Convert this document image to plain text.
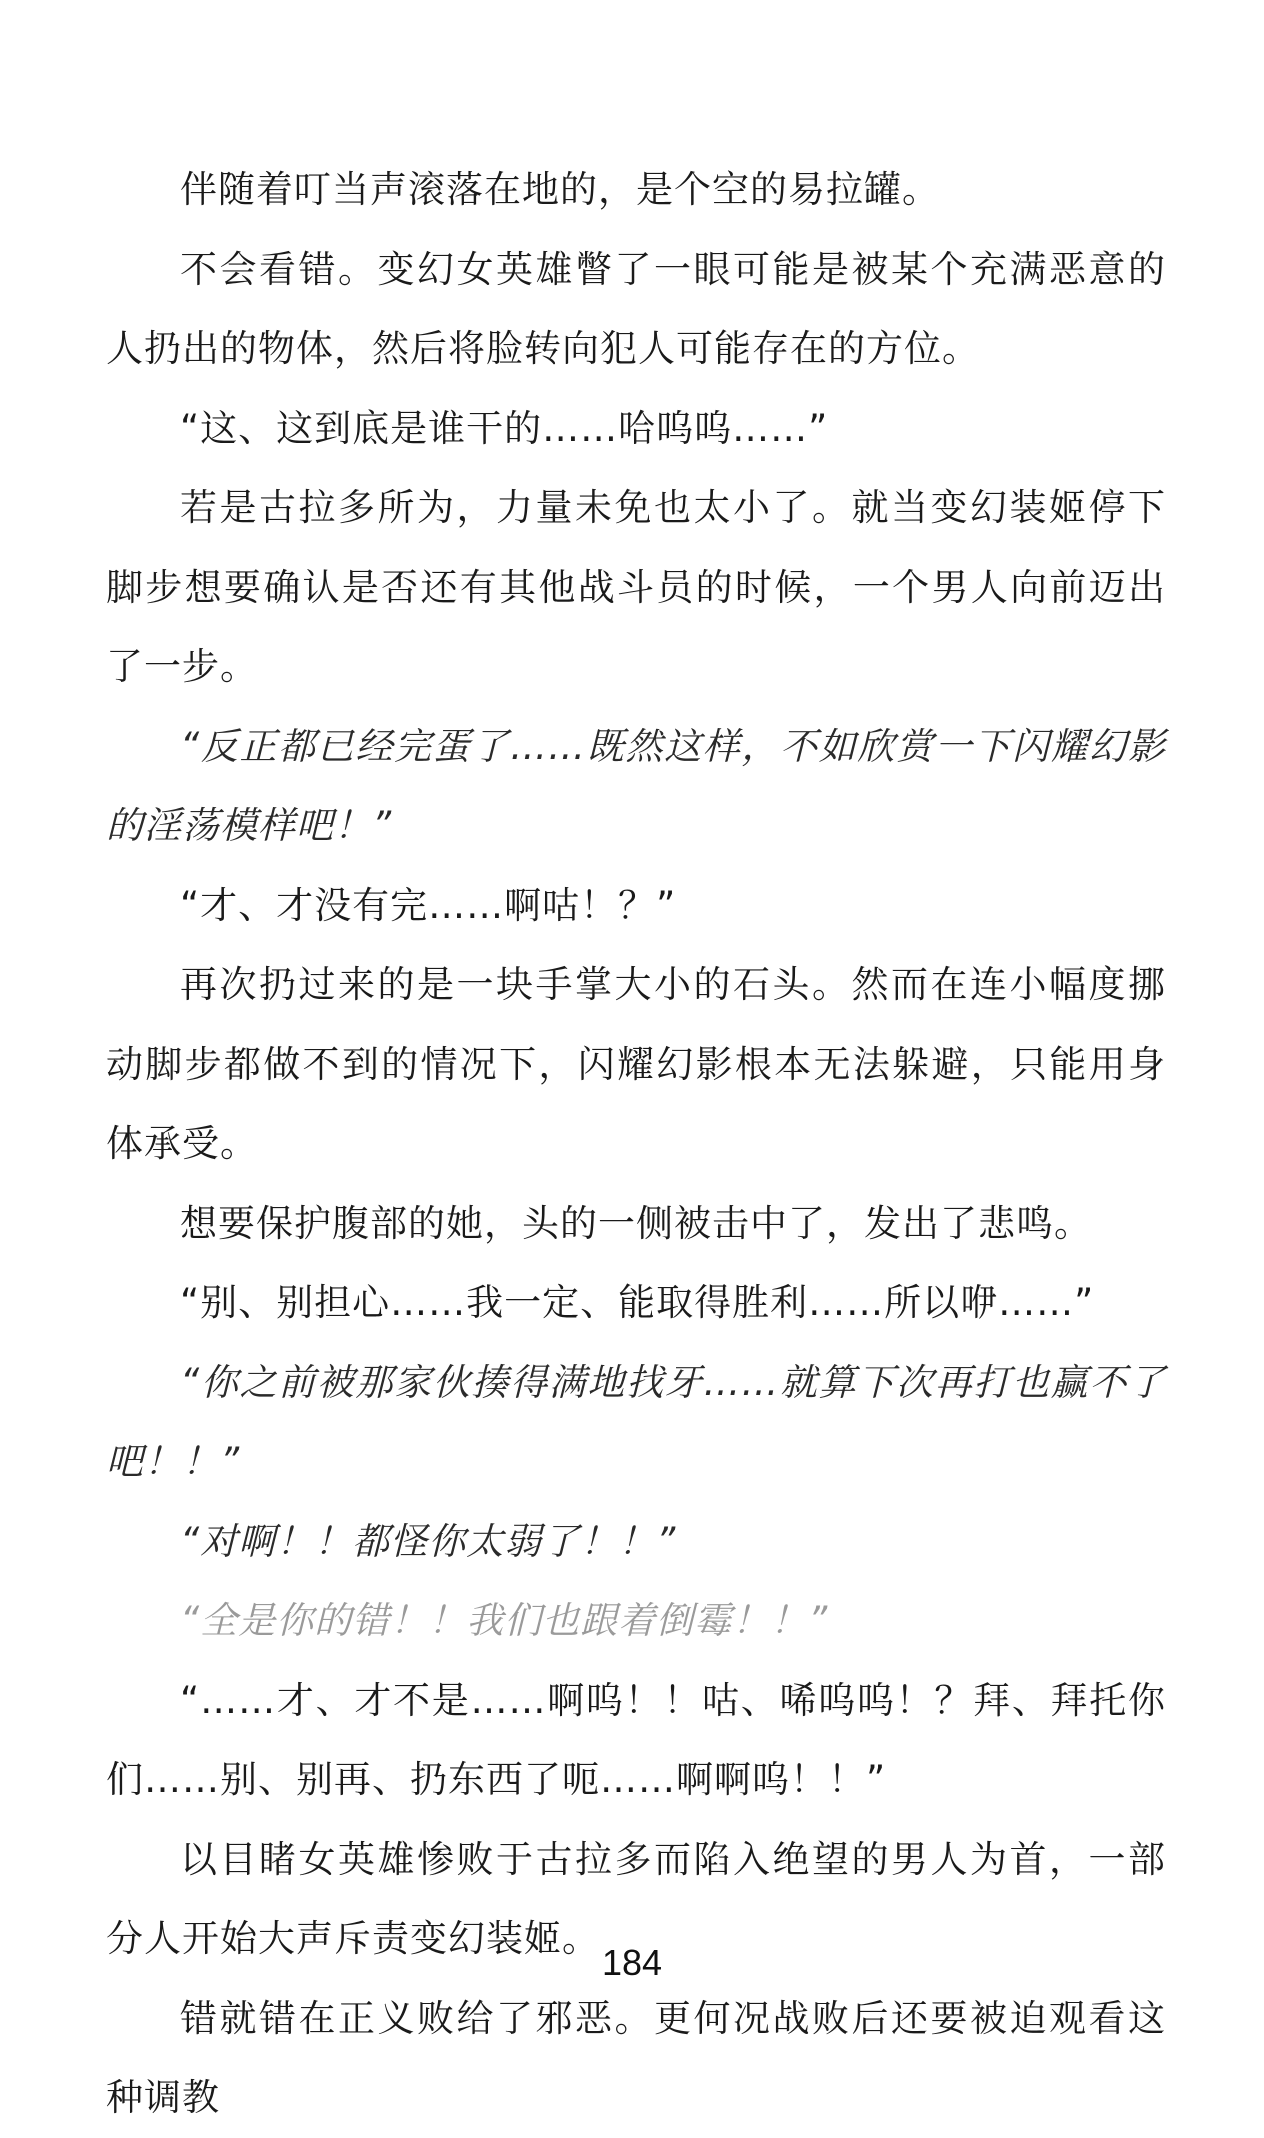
伴随着叮当声滚落在地的，是个空的易拉罐。

不会看错。变幻女英雄瞥了一眼可能是被某个充满恶意的人扔出的物体，然后将脸转向犯人可能存在的方位。

“这、这到底是谁干的……哈呜呜……”

若是古拉多所为，力量未免也太小了。就当变幻装姬停下脚步想要确认是否还有其他战斗员的时候，一个男人向前迈出了一步。

“反正都已经完蛋了……既然这样，不如欣赏一下闪耀幻影的淫荡模样吧！”

“才、才没有完……啊咕！？”

再次扔过来的是一块手掌大小的石头。然而在连小幅度挪动脚步都做不到的情况下，闪耀幻影根本无法躲避，只能用身体承受。

想要保护腹部的她，头的一侧被击中了，发出了悲鸣。

“别、别担心……我一定、能取得胜利……所以咿……”

“你之前被那家伙揍得满地找牙……就算下次再打也赢不了吧！！”

“对啊！！都怪你太弱了！！”

“全是你的错！！我们也跟着倒霉！！”

“……才、才不是……啊呜！！咕、唏呜呜！？拜、拜托你们……别、别再、扔东西了呃……啊啊呜！！”

以目睹女英雄惨败于古拉多而陷入绝望的男人为首，一部分人开始大声斥责变幻装姬。

错就错在正义败给了邪恶。更何况战败后还要被迫观看这种调教

184
